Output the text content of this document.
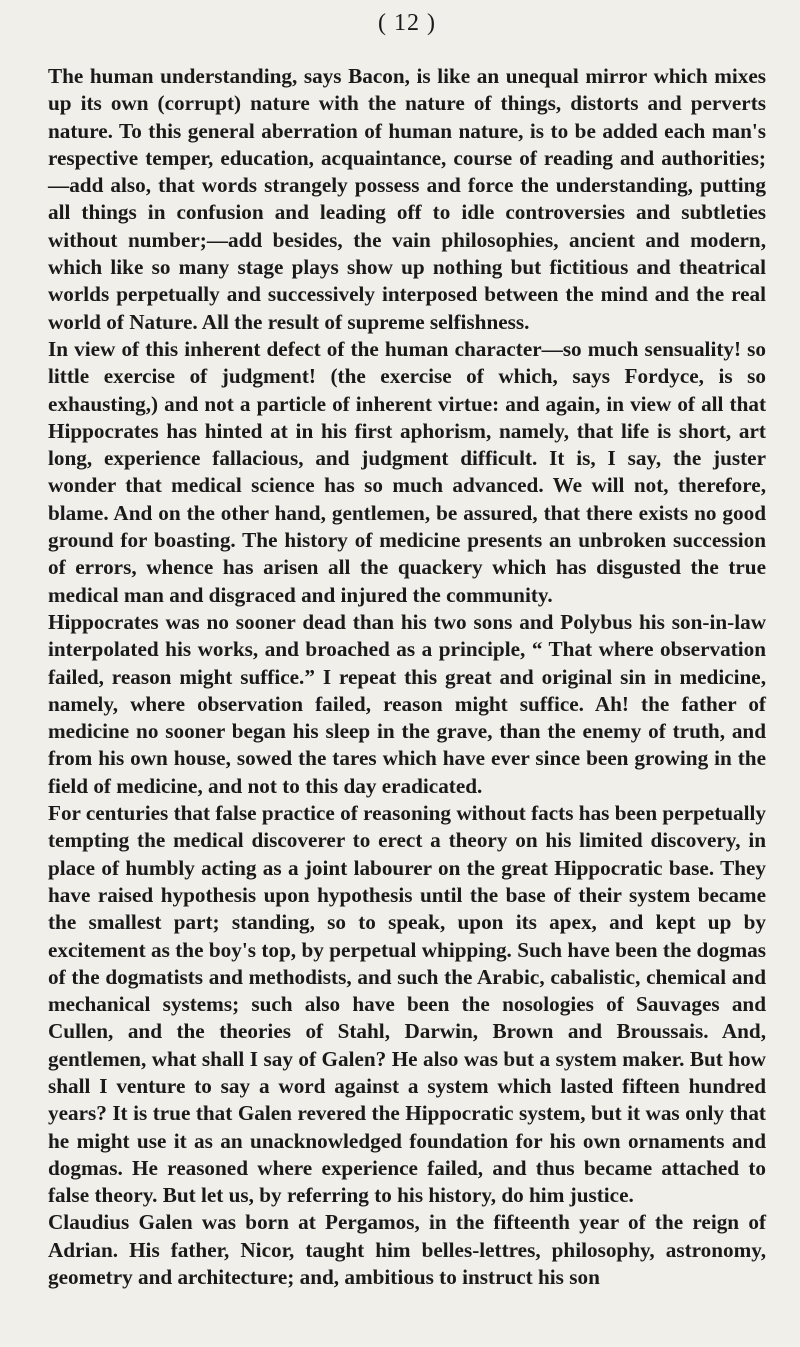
( 12 )

The human understanding, says Bacon, is like an unequal mirror which mixes up its own (corrupt) nature with the nature of things, distorts and perverts nature. To this general aberration of human nature, is to be added each man's respective temper, education, acquaintance, course of reading and authorities;—add also, that words strangely possess and force the understanding, putting all things in confusion and leading off to idle controversies and subtleties without number;—add besides, the vain philosophies, ancient and modern, which like so many stage plays show up nothing but fictitious and theatrical worlds perpetually and successively interposed between the mind and the real world of Nature. All the result of supreme selfishness.

In view of this inherent defect of the human character—so much sensuality! so little exercise of judgment! (the exercise of which, says Fordyce, is so exhausting,) and not a particle of inherent virtue: and again, in view of all that Hippocrates has hinted at in his first aphorism, namely, that life is short, art long, experience fallacious, and judgment difficult. It is, I say, the juster wonder that medical science has so much advanced. We will not, therefore, blame. And on the other hand, gentlemen, be assured, that there exists no good ground for boasting. The history of medicine presents an unbroken succession of errors, whence has arisen all the quackery which has disgusted the true medical man and disgraced and injured the community.

Hippocrates was no sooner dead than his two sons and Polybus his son-in-law interpolated his works, and broached as a principle, “ That where observation failed, reason might suffice.” I repeat this great and original sin in medicine, namely, where observation failed, reason might suffice. Ah! the father of medicine no sooner began his sleep in the grave, than the enemy of truth, and from his own house, sowed the tares which have ever since been growing in the field of medicine, and not to this day eradicated.

For centuries that false practice of reasoning without facts has been perpetually tempting the medical discoverer to erect a theory on his limited discovery, in place of humbly acting as a joint labourer on the great Hippocratic base. They have raised hypothesis upon hypothesis until the base of their system became the smallest part; standing, so to speak, upon its apex, and kept up by excitement as the boy's top, by perpetual whipping. Such have been the dogmas of the dogmatists and methodists, and such the Arabic, cabalistic, chemical and mechanical systems; such also have been the nosologies of Sauvages and Cullen, and the theories of Stahl, Darwin, Brown and Broussais. And, gentlemen, what shall I say of Galen? He also was but a system maker. But how shall I venture to say a word against a system which lasted fifteen hundred years? It is true that Galen revered the Hippocratic system, but it was only that he might use it as an unacknowledged foundation for his own ornaments and dogmas. He reasoned where experience failed, and thus became attached to false theory. But let us, by referring to his history, do him justice.

Claudius Galen was born at Pergamos, in the fifteenth year of the reign of Adrian. His father, Nicor, taught him belles-lettres, philosophy, astronomy, geometry and architecture; and, ambitious to instruct his son
